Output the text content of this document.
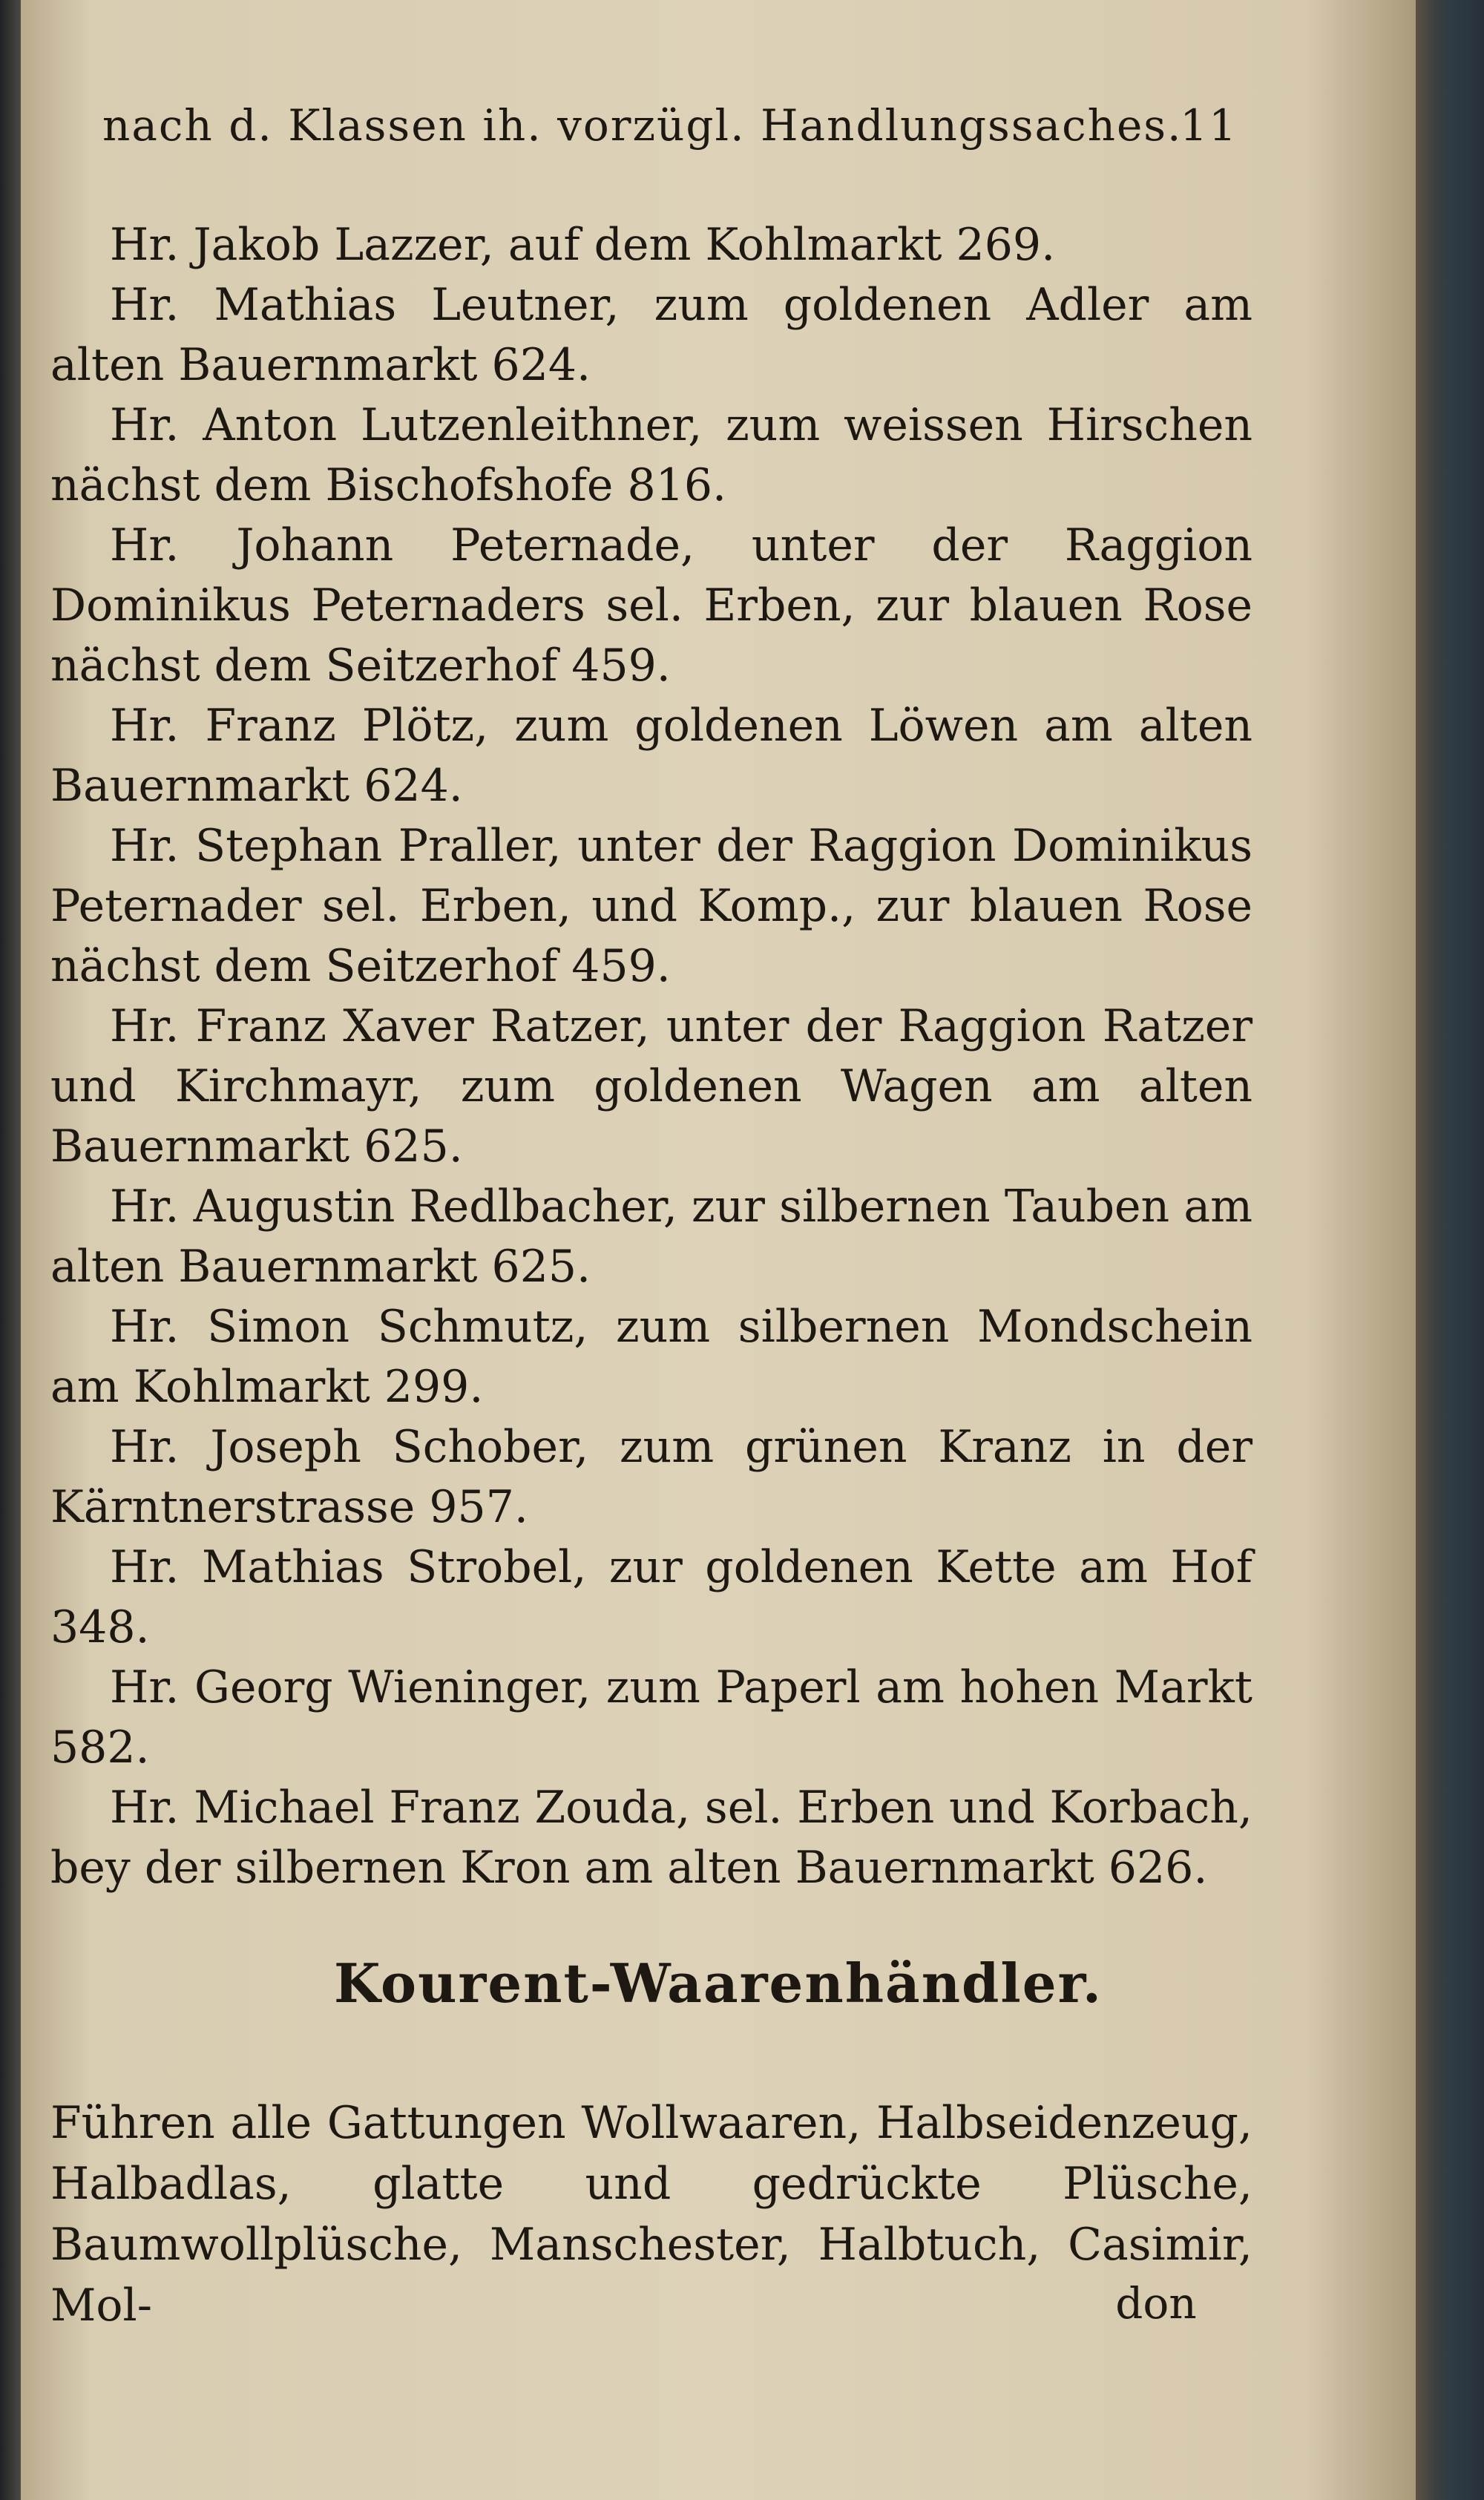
nach d. Klassen ih. vorzügl. Handlungssaches.
11

Hr. Jakob Lazzer, auf dem Kohlmarkt 269.

Hr. Mathias Leutner, zum goldenen Adler am alten Bauernmarkt 624.

Hr. Anton Lutzenleithner, zum weissen Hirschen nächst dem Bischofshofe 816.

Hr. Johann Peternade, unter der Raggion Dominikus Peternaders sel. Erben, zur blauen Rose nächst dem Seitzerhof 459.

Hr. Franz Plötz, zum goldenen Löwen am alten Bauernmarkt 624.

Hr. Stephan Praller, unter der Raggion Dominikus Peternader sel. Erben, und Komp., zur blauen Rose nächst dem Seitzerhof 459.

Hr. Franz Xaver Ratzer, unter der Raggion Ratzer und Kirchmayr, zum goldenen Wagen am alten Bauernmarkt 625.

Hr. Augustin Redlbacher, zur silbernen Tauben am alten Bauernmarkt 625.

Hr. Simon Schmutz, zum silbernen Mondschein am Kohlmarkt 299.

Hr. Joseph Schober, zum grünen Kranz in der Kärntnerstrasse 957.

Hr. Mathias Strobel, zur goldenen Kette am Hof 348.

Hr. Georg Wieninger, zum Paperl am hohen Markt 582.

Hr. Michael Franz Zouda, sel. Erben und Korbach, bey der silbernen Kron am alten Bauernmarkt 626.

Kourent-Waarenhändler.

Führen alle Gattungen Wollwaaren, Halbseidenzeug, Halbadlas, glatte und gedrückte Plüsche, Baumwollplüsche, Manschester, Halbtuch, Casimir, Mol-	don
